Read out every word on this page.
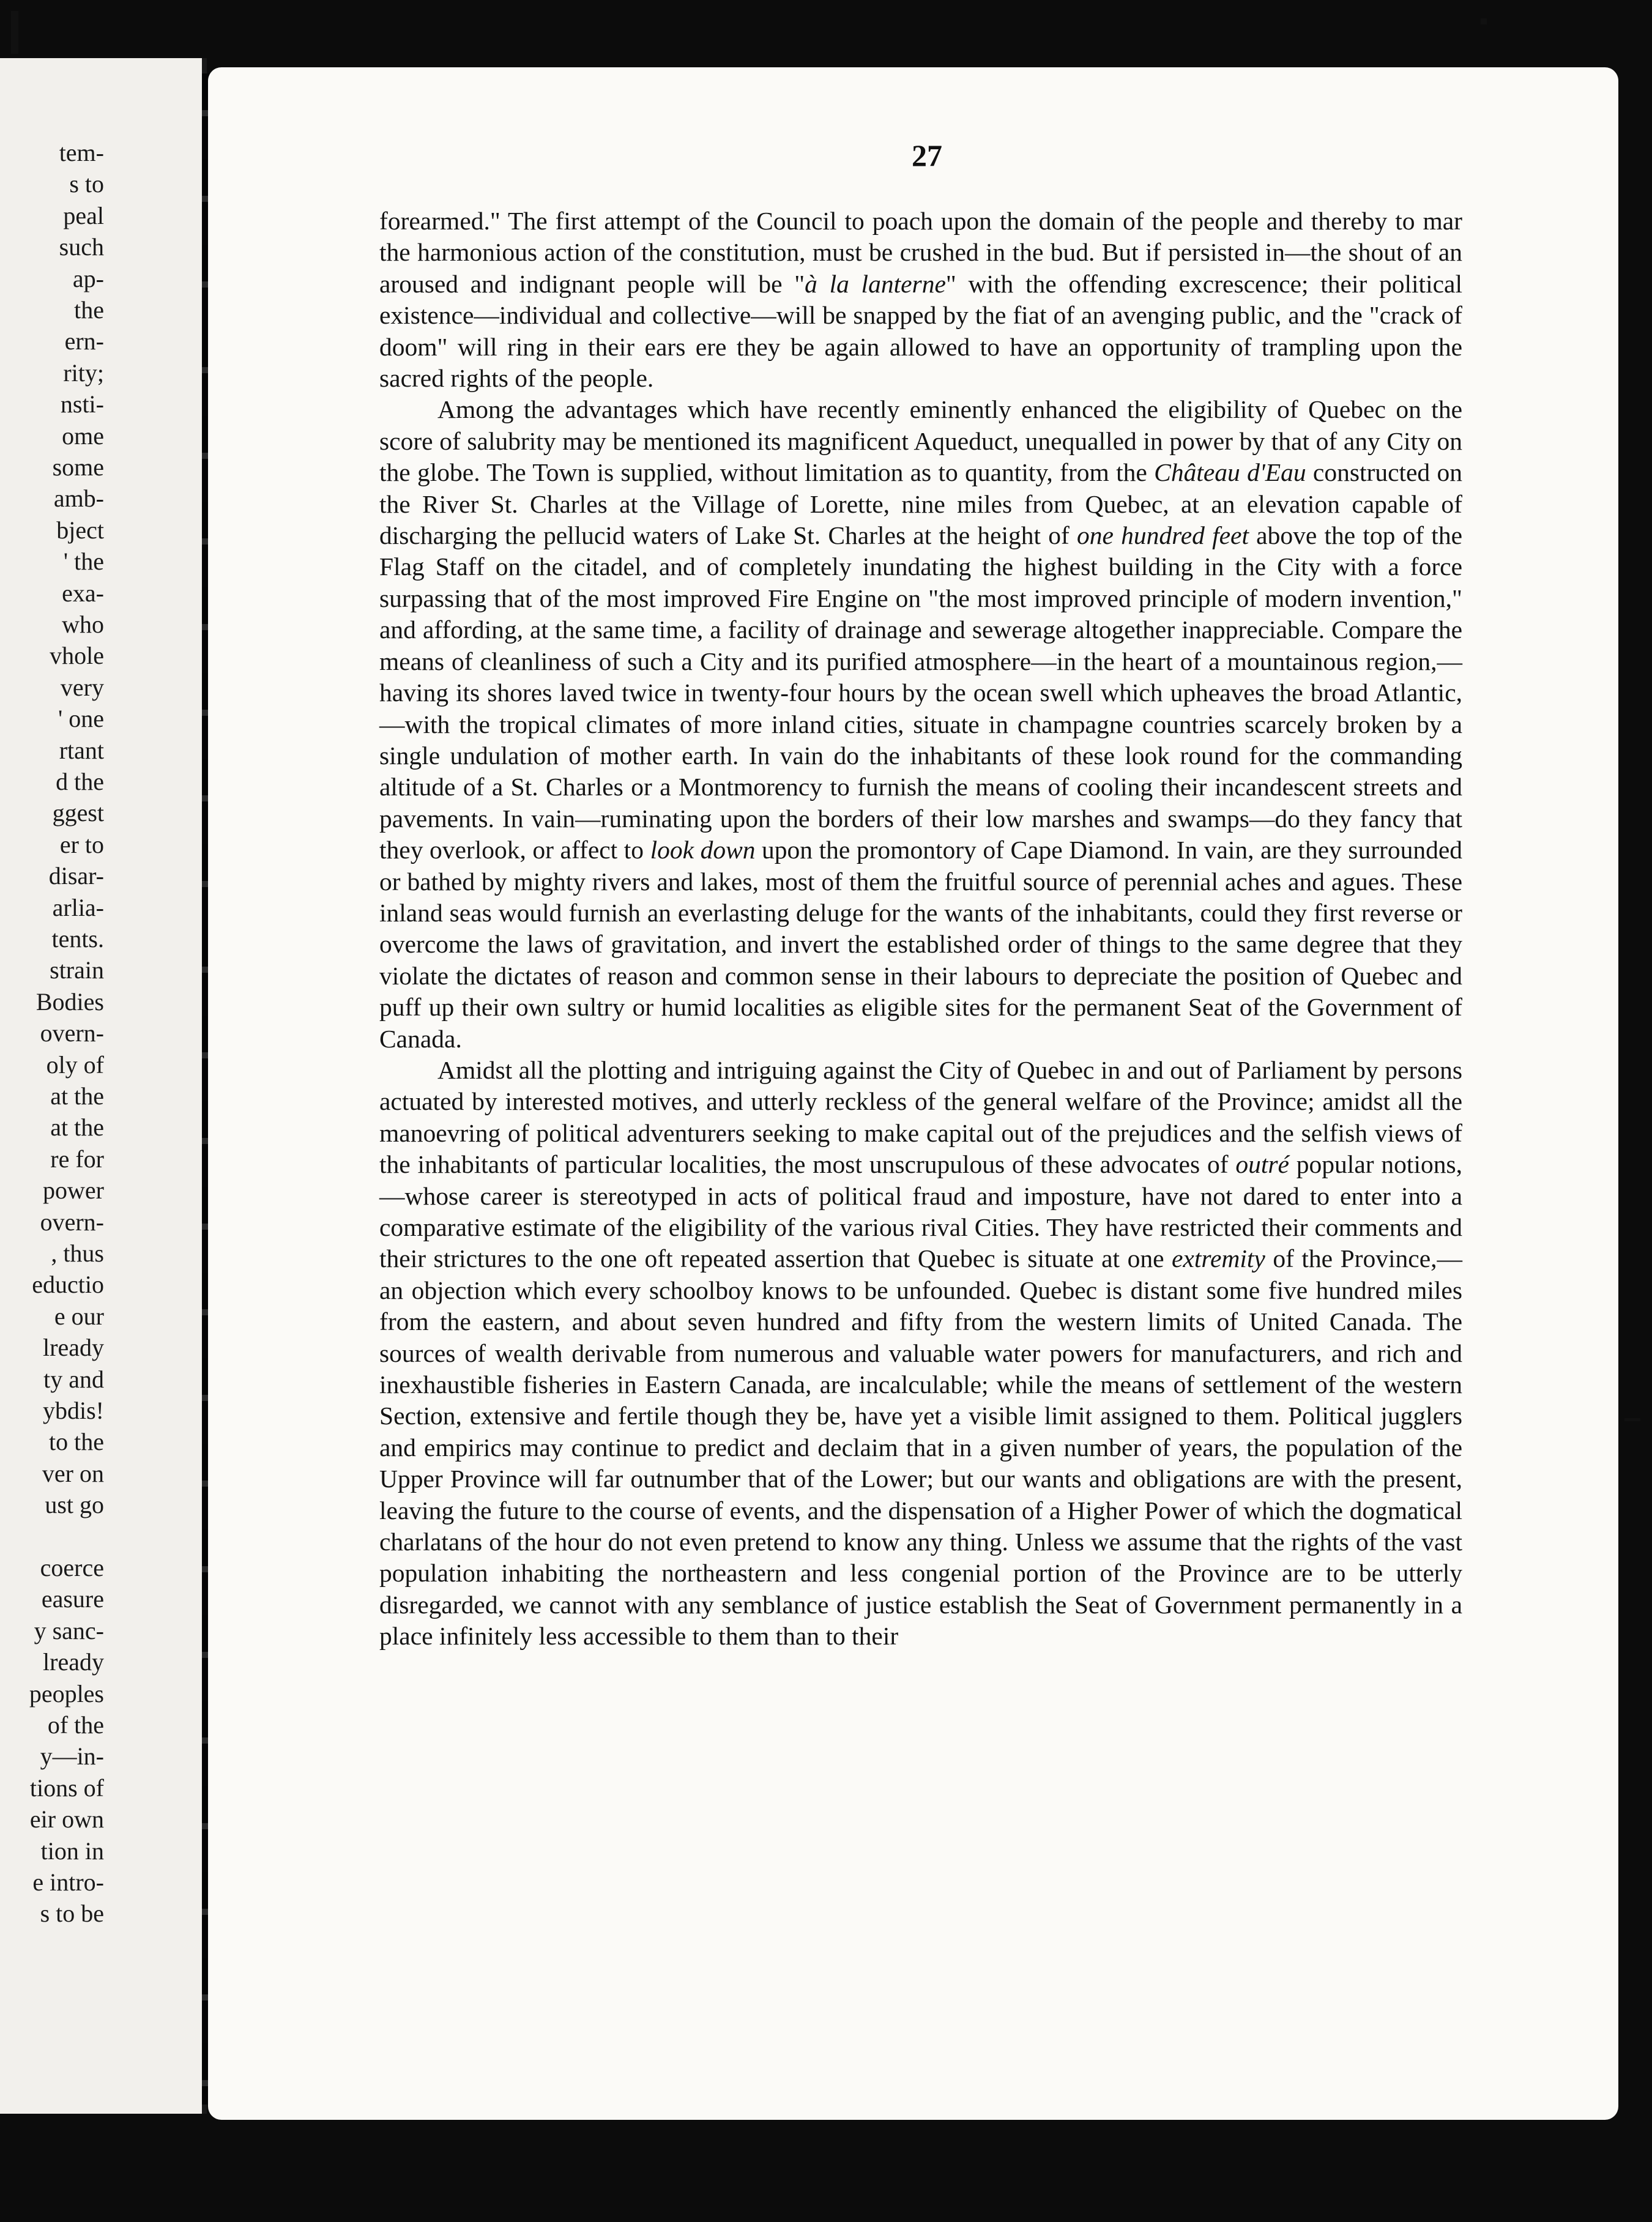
tem-
s to
peal
such
ap-
the
ern-
rity;
nsti-
ome
some
amb-
bject
' the
exa-
who
vhole
very
' one
rtant
d the
ggest
er to
disar-
arlia-
tents.
strain
Bodies
overn-
oly of
at the
at the
re for
power
overn-
, thus
eductio
e our
lready
ty and
ybdis!
to the
ver on
ust go
coerce
easure
y sanc-
lready
peoples
of the
y—in-
tions of
eir own
tion in
e intro-
s to be
27

forearmed." The first attempt of the Council to poach upon the domain of the people and thereby to mar the harmonious action of the constitution, must be crushed in the bud. But if persisted in—the shout of an aroused and indignant people will be "à la lanterne" with the offending excrescence; their political existence—individual and collective—will be snapped by the fiat of an avenging public, and the "crack of doom" will ring in their ears ere they be again allowed to have an opportunity of trampling upon the sacred rights of the people.

Among the advantages which have recently eminently enhanced the eligibility of Quebec on the score of salubrity may be mentioned its magnificent Aqueduct, unequalled in power by that of any City on the globe. The Town is supplied, without limitation as to quantity, from the Château d'Eau constructed on the River St. Charles at the Village of Lorette, nine miles from Quebec, at an elevation capable of discharging the pellucid waters of Lake St. Charles at the height of one hundred feet above the top of the Flag Staff on the citadel, and of completely inundating the highest building in the City with a force surpassing that of the most improved Fire Engine on "the most improved principle of modern invention," and affording, at the same time, a facility of drainage and sewerage altogether inappreciable. Compare the means of cleanliness of such a City and its purified atmosphere—in the heart of a mountainous region,—having its shores laved twice in twenty-four hours by the ocean swell which upheaves the broad Atlantic,—with the tropical climates of more inland cities, situate in champagne countries scarcely broken by a single undulation of mother earth. In vain do the inhabitants of these look round for the commanding altitude of a St. Charles or a Montmorency to furnish the means of cooling their incandescent streets and pavements. In vain—ruminating upon the borders of their low marshes and swamps—do they fancy that they overlook, or affect to look down upon the promontory of Cape Diamond. In vain, are they surrounded or bathed by mighty rivers and lakes, most of them the fruitful source of perennial aches and agues. These inland seas would furnish an everlasting deluge for the wants of the inhabitants, could they first reverse or overcome the laws of gravitation, and invert the established order of things to the same degree that they violate the dictates of reason and common sense in their labours to depreciate the position of Quebec and puff up their own sultry or humid localities as eligible sites for the permanent Seat of the Government of Canada.

Amidst all the plotting and intriguing against the City of Quebec in and out of Parliament by persons actuated by interested motives, and utterly reckless of the general welfare of the Province; amidst all the manoevring of political adventurers seeking to make capital out of the prejudices and the selfish views of the inhabitants of particular localities, the most unscrupulous of these advocates of outré popular notions,—whose career is stereotyped in acts of political fraud and imposture, have not dared to enter into a comparative estimate of the eligibility of the various rival Cities. They have restricted their comments and their strictures to the one oft repeated assertion that Quebec is situate at one extremity of the Province,—an objection which every schoolboy knows to be unfounded. Quebec is distant some five hundred miles from the eastern, and about seven hundred and fifty from the western limits of United Canada. The sources of wealth derivable from numerous and valuable water powers for manufacturers, and rich and inexhaustible fisheries in Eastern Canada, are incalculable; while the means of settlement of the western Section, extensive and fertile though they be, have yet a visible limit assigned to them. Political jugglers and empirics may continue to predict and declaim that in a given number of years, the population of the Upper Province will far outnumber that of the Lower; but our wants and obligations are with the present, leaving the future to the course of events, and the dispensation of a Higher Power of which the dogmatical charlatans of the hour do not even pretend to know any thing. Unless we assume that the rights of the vast population inhabiting the northeastern and less congenial portion of the Province are to be utterly disregarded, we cannot with any semblance of justice establish the Seat of Government permanently in a place infinitely less accessible to them than to their
